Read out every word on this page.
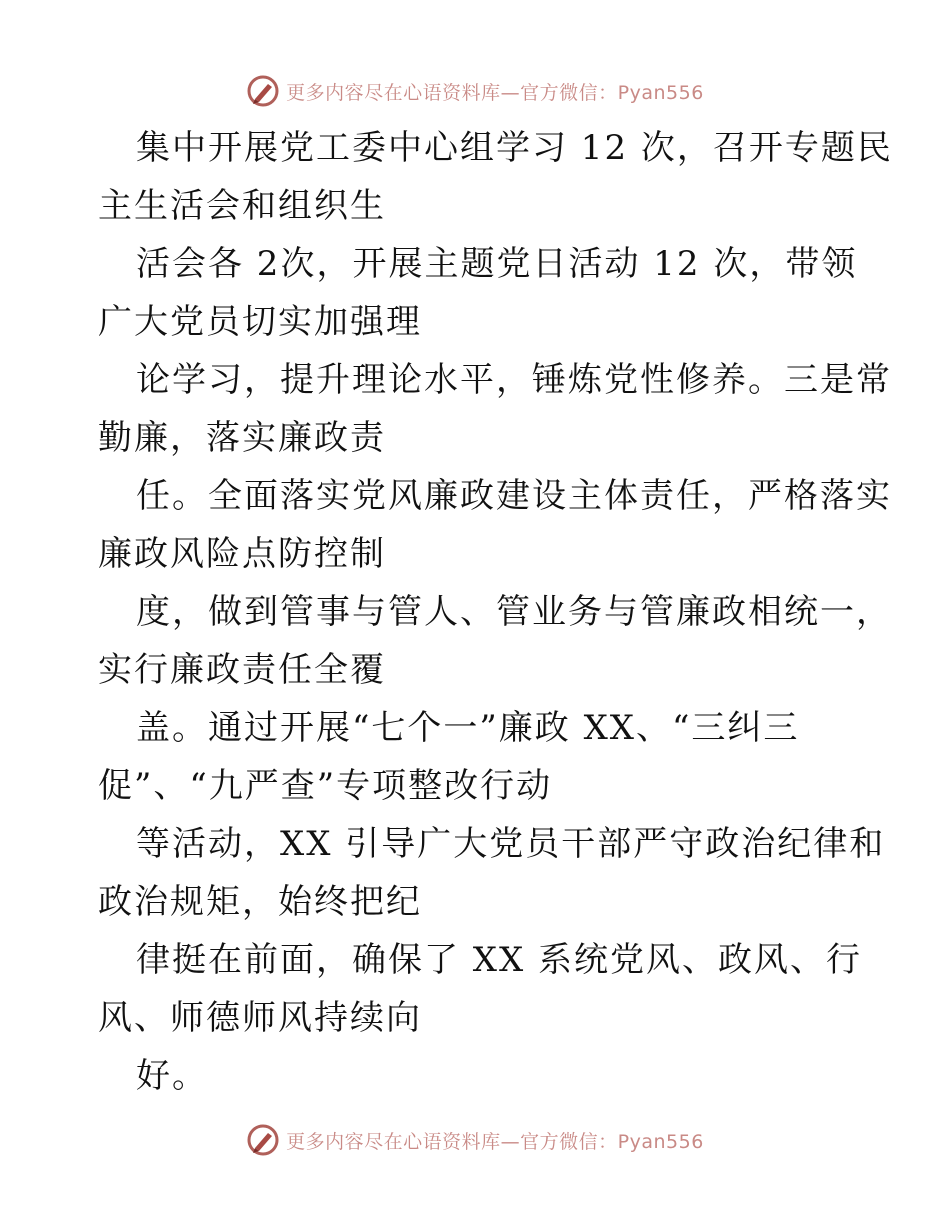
更多内容尽在心语资料库—官方微信：Pyan556
集中开展党工委中心组学习 12 次，召开专题民
主生活会和组织生
活会各 2次，开展主题党日活动 12 次，带领
广大党员切实加强理
论学习，提升理论水平，锤炼党性修养。三是常
勤廉，落实廉政责
任。全面落实党风廉政建设主体责任，严格落实
廉政风险点防控制
度，做到管事与管人、管业务与管廉政相统一，
实行廉政责任全覆
盖。通过开展“七个一”廉政 XX、“三纠三
促”、“九严查”专项整改行动
等活动，XX 引导广大党员干部严守政治纪律和
政治规矩，始终把纪
律挺在前面，确保了 XX 系统党风、政风、行
风、师德师风持续向
好。
更多内容尽在心语资料库—官方微信：Pyan556
